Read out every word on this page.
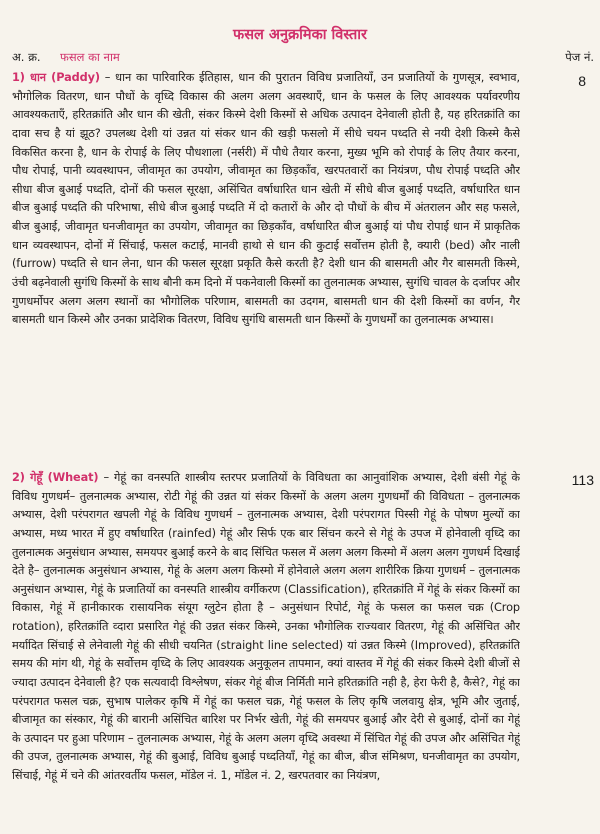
फसल अनुक्रमिका विस्तार
अ. क्र. फसल का नाम	पेज नं.

1) धान (Paddy) – धान का पारिवारिक ईतिहास, धान की पुरातन विविध प्रजातियाँ, उन प्रजातियों के गुणसूत्र, स्वभाव, भौगोलिक वितरण, धान पौधों के वृध्दि विकास की अलग अलग अवस्थाएँ, धान के फसल के लिए आवश्यक पर्यावरणीय आवश्यकताएँ, हरितक्रांति और धान की खेती, संकर किस्मे देशी किस्मों से अधिक उत्पादन देनेवाली होती है, यह हरितक्रांति का दावा सच है यां झूठ? उपलब्ध देशी यां उन्नत यां संकर धान की खड़ी फसलो में सीधे चयन पध्दति से नयी देशी किस्मे कैसे विकसित करना है, धान के रोपाई के लिए पौधशाला (नर्सरी) में पौधे तैयार करना, मुख्य भूमि को रोपाई के लिए तैयार करना, पौध रोपाई, पानी व्यवस्थापन, जीवामृत का उपयोग, जीवामृत का छिड़काँव, खरपतवारों का नियंत्रण, पौध रोपाई पध्दति और सीधा बीज बुआई पध्दति, दोनों की फसल सूरक्षा, असिंचित वर्षाधारित धान खेती में सीधे बीज बुआई पध्दति, वर्षाधारित धान बीज बुआई पध्दति की परिभाषा, सीधे बीज बुआई पध्दति में दो कतारों के और दो पौधों के बीच में अंतरालन और सह फसले, बीज बुआई, जीवामृत घनजीवामृत का उपयोग, जीवामृत का छिड़काँव, वर्षाधारित बीज बुआई यां पौध रोपाई धान में प्राकृतिक धान व्यवस्थापन, दोनों में सिंचाई, फसल कटाई, मानवी हाथो से धान की कुटाई सर्वोत्तम होती है, क्यारी (bed) और नाली (furrow) पध्दति से धान लेना, धान की फसल सूरक्षा प्रकृति कैसे करती है? देशी धान की बासमती और गैर बासमती किस्मे, उंची बढ़नेवाली सुगंधि किस्मों के साथ बौनी कम दिनो में पकनेवाली किस्मों का तुलनात्मक अभ्यास, सुगंधि चावल के दर्जापर और गुणधर्मोपर अलग अलग स्थानों का भौगोलिक परिणाम, बासमती का उदगम, बासमती धान की देशी किस्मों का वर्णन, गैर बासमती धान किस्मे और उनका प्रादेशिक वितरण, विविध सुगंधि बासमती धान किस्मों के गुणधर्मों का तुलनात्मक अभ्यास।

8

2) गेहूँ (Wheat) – गेहूं का वनस्पति शास्त्रीय स्तरपर प्रजातियों के विविधता का आनुवांशिक अभ्यास, देशी बंसी गेहूं के विविध गुणधर्म– तुलनात्मक अभ्यास, रोटी गेहूं की उन्नत यां संकर किस्मों के अलग अलग गुणधर्मों की विविधता – तुलनात्मक अभ्यास, देशी परंपरागत खपली गेहूं के विविध गुणधर्म – तुलनात्मक अभ्यास, देशी परंपरागत पिस्सी गेहूं के पोषण मुल्यों का अभ्यास, मध्य भारत में हुए वर्षाधारित (rainfed) गेहूं और सिर्फ एक बार सिंचन करने से गेहूं के उपज में होनेवाली वृध्दि का तुलनात्मक अनुसंधान अभ्यास, समयपर बुआई करने के बाद सिंचित फसल में अलग अलग किस्मो में अलग अलग गुणधर्म दिखाई देते है– तुलनात्मक अनुसंधान अभ्यास, गेहूं के अलग अलग किस्मो में होनेवाले अलग अलग शारीरिक क्रिया गुणधर्म – तुलनात्मक अनुसंधान अभ्यास, गेहूं के प्रजातियों का वनस्पति शास्त्रीय वर्गीकरण (Classification), हरितक्रांति में गेहूं के संकर किस्मों का विकास, गेहूं में हानीकारक रासायनिक संयूग ग्लुटेन होता है – अनुसंधान रिपोर्ट, गेहूं के फसल का फसल चक्र (Crop rotation), हरितक्रांति व्दारा प्रसारित गेहूं की उन्नत संकर किस्मे, उनका भौगोलिक राज्यवार वितरण, गेहूं की असिंचित और मर्यादित सिंचाई से लेनेवाली गेहूं की सीधी चयनित (straight line selected) यां उन्नत किस्मे (Improved), हरितक्रांति समय की मांग थी, गेहूं के सर्वोत्तम वृध्दि के लिए आवश्यक अनुकूलन तापमान, क्यां वास्तव में गेहूं की संकर किस्मे देशी बीजों से ज्यादा उत्पादन देनेवाली है? एक सत्यवादी विश्लेषण, संकर गेहूं बीज निर्मिती माने हरितक्रांति नही है, हेरा फेरी है, कैसे?, गेहूं का परंपरागत फसल चक्र, सुभाष पालेकर कृषि में गेहूं का फसल चक्र, गेहूं फसल के लिए कृषि जलवायु क्षेत्र, भूमि और जुताई, बीजामृत का संस्कार, गेहूं की बारानी असिंचित बारिश पर निर्भर खेती, गेहूं की समयपर बुआई और देरी से बुआई, दोनों का गेहूं के उत्पादन पर हुआ परिणाम – तुलनात्मक अभ्यास, गेहूं के अलग अलग वृध्दि अवस्था में सिंचित गेहूं की उपज और असिंचित गेहूं की उपज, तुलनात्मक अभ्यास, गेहूं की बुआई, विविध बुआई पध्दतियाँ, गेहूं का बीज, बीज संमिश्रण, घनजीवामृत का उपयोग, सिंचाई, गेहूं में चने की आंतरवर्तीय फसल, मॉडेल नं. 1, मॉडेल नं. 2, खरपतवार का नियंत्रण,

113
